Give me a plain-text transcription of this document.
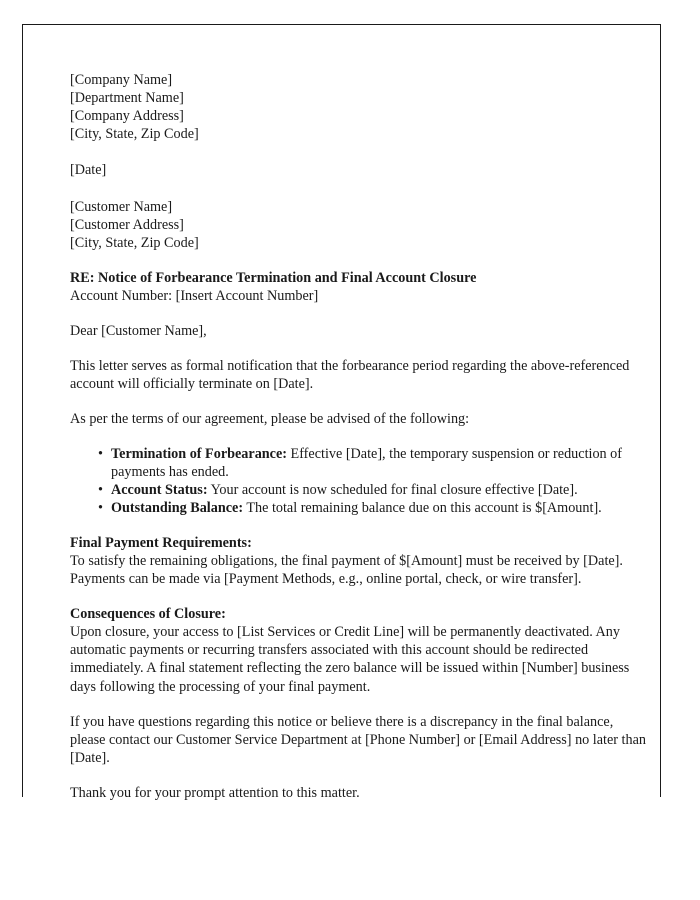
[Company Name]
[Department Name]
[Company Address]
[City, State, Zip Code]
[Date]
[Customer Name]
[Customer Address]
[City, State, Zip Code]
RE: Notice of Forbearance Termination and Final Account Closure
Account Number: [Insert Account Number]
Dear [Customer Name],
This letter serves as formal notification that the forbearance period regarding the above-referenced account will officially terminate on [Date].
As per the terms of our agreement, please be advised of the following:
• Termination of Forbearance: Effective [Date], the temporary suspension or reduction of payments has ended.
• Account Status: Your account is now scheduled for final closure effective [Date].
• Outstanding Balance: The total remaining balance due on this account is $[Amount].
Final Payment Requirements:
To satisfy the remaining obligations, the final payment of $[Amount] must be received by [Date]. Payments can be made via [Payment Methods, e.g., online portal, check, or wire transfer].
Consequences of Closure:
Upon closure, your access to [List Services or Credit Line] will be permanently deactivated. Any automatic payments or recurring transfers associated with this account should be redirected immediately. A final statement reflecting the zero balance will be issued within [Number] business days following the processing of your final payment.
If you have questions regarding this notice or believe there is a discrepancy in the final balance, please contact our Customer Service Department at [Phone Number] or [Email Address] no later than [Date].
Thank you for your prompt attention to this matter.
